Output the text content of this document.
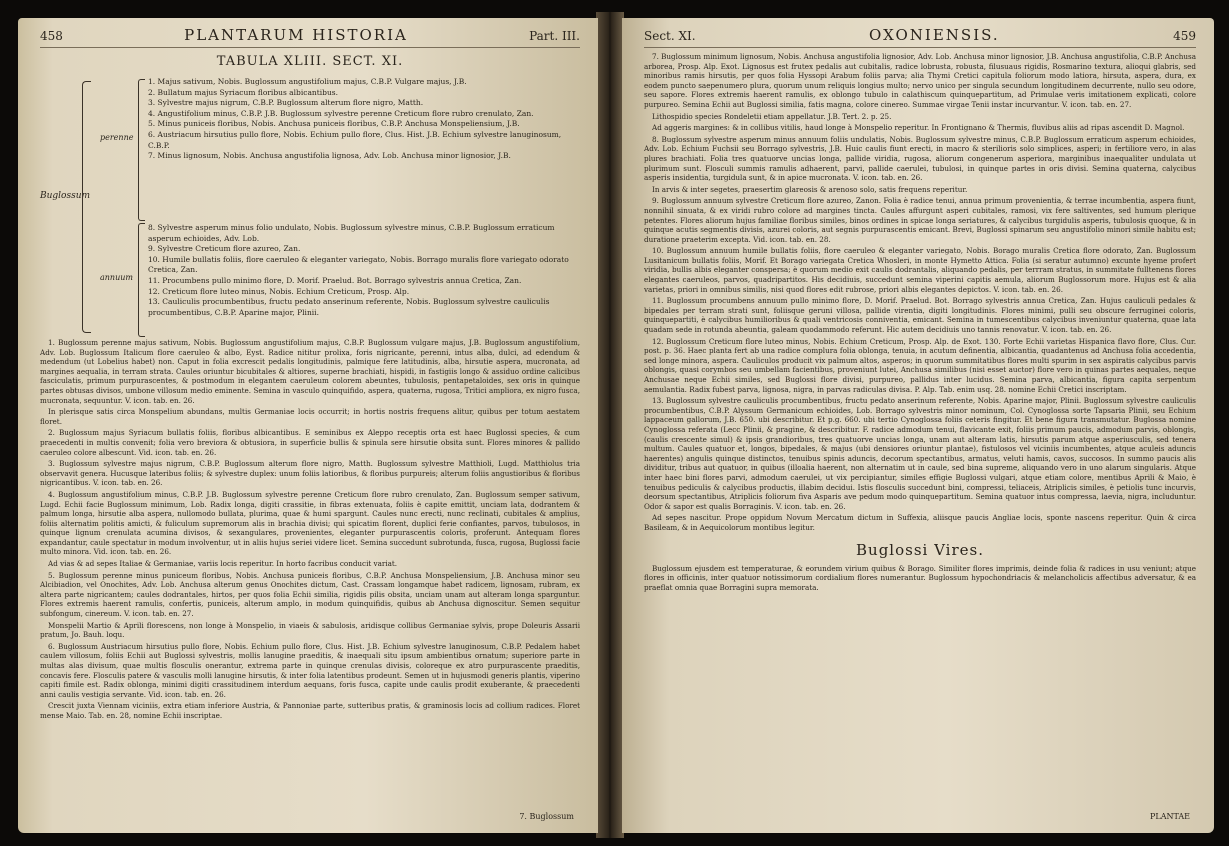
458	PLANTARUM HISTORIA	Part. III.
TABULA XLIII. SECT. XI.
Buglossum
perenne
1. Majus sativum, Nobis. Buglossum angustifolium majus, C.B.P. Vulgare majus, J.B.
2. Bullatum majus Syriacum floribus albicantibus.
3. Sylvestre majus nigrum, C.B.P. Buglossum alterum flore nigro, Matth.
4. Angustifolium minus, C.B.P. J.B. Buglossum sylvestre perenne Creticum flore rubro crenulato, Zan.
5. Minus puniceis floribus, Nobis. Anchusa puniceis floribus, C.B.P. Anchusa Monspeliensium, J.B.
6. Austriacum hirsutius pullo flore, Nobis. Echium pullo flore, Clus. Hist. J.B. Echium sylvestre lanuginosum, C.B.P.
7. Minus lignosum, Nobis. Anchusa angustifolia lignosa, Adv. Lob. Anchusa minor lignosior, J.B.
annuum
8. Sylvestre asperum minus folio undulato, Nobis. Buglossum sylvestre minus, C.B.P. Buglossum erraticum asperum echioides, Adv. Lob.
9. Sylvestre Creticum flore azureo, Zan.
10. Humile bullatis foliis, flore caeruleo & eleganter variegato, Nobis. Borrago muralis flore variegato odorato Cretica, Zan.
11. Procumbens pullo minimo flore, D. Morif. Praelud. Bot. Borrago sylvestris annua Cretica, Zan.
12. Creticum flore luteo minus, Nobis. Echium Creticum, Prosp. Alp.
13. Cauliculis procumbentibus, fructu pedato anserinum referente, Nobis. Buglossum sylvestre cauliculis procumbentibus, C.B.P. Aparine major, Plinii.

1. Buglossum perenne majus sativum, Nobis. Buglossum angustifolium majus, C.B.P. Buglossum vulgare majus, J.B. Buglossum angustifolium, Adv. Lob. Buglossum Italicum flore caeruleo & albo, Eyst. Radice nititur prolixa, foris nigricante, perenni, intus alba, dulci, ad edendum & medendum (ut Lobelius habet) non. Caput in folia excrescit pedalis longitudinis, palmique fere latitudinis, alba, hirsutie aspera, mucronata, ad margines aequalia, in terram strata. Caules oriuntur bicubitales & altiores, superne brachiati, hispidi, in fastigiis longo & assiduo ordine calicibus fasciculatis, primum purpurascentes, & postmodum in elegantem caeruleum colorem abeuntes, tubulosis, pentapetaloides, sex oris in quinque partes obtusas divisos, umbone villosum medio eminente. Semina in vasculo quinquifido, aspera, quaterna, rugosa, Tritici ampliora, ex nigro fusca, mucronata, sequuntur. V. icon. tab. en. 26.

In plerisque satis circa Monspelium abundans, multis Germaniae locis occurrit; in hortis nostris frequens alitur, quibus per totum aestatem floret.

2. Buglossum majus Syriacum bullatis foliis, floribus albicantibus. E seminibus ex Aleppo receptis orta est haec Buglossi species, & cum praecedenti in multis convenit; folia vero breviora & obtusiora, in superficie bullis & spinula sere hirsutie obsita sunt. Flores minores & pallido caeruleo colore albescunt. Vid. icon. tab. en. 26.

3. Buglossum sylvestre majus nigrum, C.B.P. Buglossum alterum flore nigro, Matth. Buglossum sylvestre Matthioli, Lugd. Matthiolus tria observavit genera. Hucusque lateribus foliis; & sylvestre duplex: unum foliis latioribus, & floribus purpureis; alterum foliis angustioribus & floribus nigricantibus. V. icon. tab. en. 26.

4. Buglossum angustifolium minus, C.B.P. J.B. Buglossum sylvestre perenne Creticum flore rubro crenulato, Zan. Buglossum semper sativum, Lugd. Echii facie Buglossum minimum, Lob. Radix longa, digiti crassitie, in fibras extenuata, foliis è capite emittit, unciam lata, dodrantem & palmum longa, hirsutie alba aspera, nullomodo bullata, plurima, quae & humi spargunt. Caules nunc erecti, nunc reclinati, cubitales & amplius, foliis alternatim politis amicti, & fuliculum supremorum alis in brachia divisi; qui spicatim florent, duplici ferie confiantes, parvos, tubulosos, in quinque lignum crenulata acumina divisos, & sexangulares, provenientes, eleganter purpurascentis coloris, proferunt. Antequam flores expandantur, caule spectatur in modum involventur, ut in aliis hujus seriei videre licet. Semina succedunt subrotunda, fusca, rugosa, Buglossi facie multo minora. Vid. icon. tab. en. 26.

Ad vias & ad sepes Italiae & Germaniae, variis locis reperitur. In horto facribus conducit variat.

5. Buglossum perenne minus puniceum floribus, Nobis. Anchusa puniceis floribus, C.B.P. Anchusa Monspeliensium, J.B. Anchusa minor seu Alcibiadion, vel Onochites, Adv. Lob. Anchusa alterum genus Onochites dictum, Cast. Crassam longamque habet radicem, lignosam, rubram, ex altera parte nigricantem; caules dodrantales, hirtos, per quos folia Echii similia, rigidis pilis obsita, unciam unam aut alteram longa sparguntur. Flores extremis haerent ramulis, confertis, puniceis, alterum amplo, in modum quinquifidis, quibus ab Anchusa dignoscitur. Semen sequitur subfongum, cinereum. V. icon. tab. en. 27.

Monspelii Martio & Aprili florescens, non longe à Monspelio, in viaeis & sabulosis, aridisque collibus Germaniae sylvis, prope Doleuris Assarii pratum, Jo. Bauh. loqu.

6. Buglossum Austriacum hirsutius pullo flore, Nobis. Echium pullo flore, Clus. Hist. J.B. Echium sylvestre lanuginosum, C.B.P. Pedalem habet caulem villosum, foliis Echii aut Buglossi sylvestris, mollis lanugine praeditis, & inaequali situ ipsum ambientibus ornatum; superiore parte in multas alas divisum, quae multis flosculis onerantur, extrema parte in quinque crenulas divisis, coloreque ex atro purpurascente praeditis, concavis fere. Flosculis patere & vasculis molli lanugine hirsutis, & inter folia latentibus prodeunt. Semen ut in hujusmodi generis plantis, viperino capiti fimile est. Radix oblonga, minimi digiti crassitudinem interdum aequans, foris fusca, capite unde caulis prodit exuberante, & praecedenti anni caulis vestigia servante. Vid. icon. tab. en. 26.

Crescit juxta Viennam viciniis, extra etiam inferiore Austria, & Pannoniae parte, sutteribus pratis, & graminosis locis ad collium radices. Floret mense Maio. Tab. en. 28, nomine Echii inscriptae.

7. Buglossum
Sect. XI.	OXONIENSIS.	459

7. Buglossum minimum lignosum, Nobis. Anchusa angustifolia lignosior, Adv. Lob. Anchusa minor lignosior, J.B. Anchusa angustifolia, C.B.P. Anchusa arborea, Prosp. Alp. Exot. Lignosus est frutex pedalis aut cubitalis, radice lobrusta, robusta, filusuaus rigidis, Rosmarino textura, alioqui glabris, sed minoribus ramis hirsutis, per quos folia Hyssopi Arabum foliis parva; alia Thymi Cretici capitula foliorum modo latiora, hirsuta, aspera, dura, ex eodem puncto saepenumero plura, quorum unum reliquis longius multo; nervo unico per singula secundum longitudinem decurrente, nullo seu odore, seu sapore. Flores extremis haerent ramulis, ex oblongo tubulo in calathiscum quinquepartitum, ad Primulae veris imitationem explicati, colore purpureo. Semina Echii aut Buglossi similia, fatis magna, colore cinereo. Summae virgae Tenii instar incurvantur. V. icon. tab. en. 27.

Lithospidio species Rondeletii etiam appellatur. J.B. Tert. 2. p. 25.

Ad aggeris margines: & in collibus vitilis, haud longe à Monspelio reperitur. In Frontignano & Thermis, fluvibus aliis ad ripas ascendit D. Magnol.

8. Buglossum sylvestre asperum minus annuum foliis undulatis, Nobis. Buglossum sylvestre minus, C.B.P. Buglossum erraticum asperum echioides, Adv. Lob. Echium Fuchsii seu Borrago sylvestris, J.B. Huic caulis fiunt erecti, in macro & sterilioris solo simplices, asperi; in fertiliore vero, in alas plures brachiati. Folia tres quatuorve uncias longa, pallide viridia, rugosa, aliorum congenerum asperiora, marginibus inaequaliter undulata ut plurimum sunt. Flosculi summis ramulis adhaerent, parvi, pallide caerulei, tubulosi, in quinque partes in oris divisi. Semina quaterna, calycibus asperis insidentia, turgidula sunt, & in apice mucronata. V. icon. tab. en. 26.

In arvis & inter segetes, praesertim glareosis & arenoso solo, satis frequens reperitur.

9. Buglossum annuum sylvestre Creticum flore azureo, Zanon. Folia è radice tenui, annua primum provenientia, & terrae incumbentia, aspera fiunt, nonnihil sinuata, & ex viridi rubro colore ad margines tincta. Caules affurgunt asperi cubitales, ramosi, vix fere saltiventes, sed humum plerique petentes. Flores aliorum hujus familiae floribus similes, binos ordines in spicae longa seriatures, & calycibus turgidulis asperis, tubulosis quoque, & in quinque acutis segmentis divisis, azurei coloris, aut segnis purpurascentis emicant. Brevi, Buglossi spinarum seu angustifolio minori simile habitu est; duratione praeterim excepta. Vid. icon. tab. en. 28.

10. Buglossum annuum humile bullatis foliis, flore caeruleo & eleganter variegato, Nobis. Borago muralis Cretica flore odorato, Zan. Buglossum Lusitanicum bullatis foliis, Morif. Et Borago variegata Cretica Whosleri, in monte Hymetto Attica. Folia (si seratur autumno) excunte hyeme profert viridia, bullis albis eleganter conspersa; è quorum medio exit caulis dodrantalis, aliquando pedalis, per terrram stratus, in summitate fulltenens flores elegantes caeruleos, parvos, quadripartitos. His decidiuis, succedunt semina viperini capitis aemula, aliorum Buglossorum more. Hujus est & alia varietas, priori in omnibus similis, nisi quod flores edit rubrose, priori albis elegantes depictos. V. icon. tab. en. 26.

11. Buglossum procumbens annuum pullo minimo flore, D. Morif. Praelud. Bot. Borrago sylvestris annua Cretica, Zan. Hujus cauliculi pedales & bipedales per terram strati sunt, foliisque geruni villosa, pallide virentia, digiti longitudinis. Flores minimi, pulli seu obscure ferruginei coloris, quinquepartiti, è calycibus humilioribus & quali ventricosis conniventia, emicant. Semina in tumescentibus calycibus inveniuntur quaterna, quae lata quadam sede in rotunda abeuntia, galeam quodammodo referunt. Hic autem decidiuis uno tannis renovatur. V. icon. tab. en. 26.

12. Buglossum Creticum flore luteo minus, Nobis. Echium Creticum, Prosp. Alp. de Exot. 130. Forte Echii varietas Hispanica flavo flore, Clus. Cur. post. p. 36. Haec planta fert ab una radice complura folia oblonga, tenuia, in acutum definentia, albicantia, quadantenus ad Anchusa folia accedentia, sed longe minora, aspera. Cauliculos producit vix palmum altos, asperos; in quorum summitatibus flores multi spurim in sex aspiratis calycibus parvis oblongis, quasi corymbos seu umbellam facientibus, proveniunt lutei, Anchusa similibus (nisi esset auctor) flore vero in quinas partes aequales, neque Anchusae neque Echii similes, sed Buglossi flore divisi, purpureo, pallidus inter lucidus. Semina parva, albicantia, figura capita serpentum aemulantia. Radix fubest parva, lignosa, nigra, in parvas radiculas divisa. P. Alp. Tab. enim usq. 28. nomine Echii Cretici inscriptam.

13. Buglossum sylvestre cauliculis procumbentibus, fructu pedato anserinum referente, Nobis. Aparine major, Plinii. Buglossum sylvestre cauliculis procumbentibus, C.B.P. Alyssum Germanicum echioides, Lob. Borrago sylvestris minor nominum, Col. Cynoglossa sorte Tapsaria Plinii, seu Echium lappaceum gallorum, J.B. 650. ubi describitur. Et p.g. 660. ubi tertio Cynoglossa foliis ceteris fingitur. Et bene figura transmutatur. Buglossa nomine Cynoglossa referata (Lecc Plinii, & pragine, & describitur. F. radice admodum tenui, flavicante exit, foliis primum paucis, admodum parvis, oblongis, (caulis crescente simul) & ipsis grandioribus, tres quatuorve uncias longa, unam aut alteram latis, hirsutis parum atque asperiusculis, sed tenera multum. Caules quatuor et, longos, bipedales, & majus (ubi densiores oriuntur plantae), fistulosos vel viciniis incumbentes, atque aculeis aduncis haerentes) angulis quinque distinctos, tenuibus spinis aduncis, decorum spectantibus, armatus, veluti hamis, cavos, succosos. In summo paucis alis dividitur, tribus aut quatuor, in quibus (illoalia haerent, non alternatim ut in caule, sed bina supreme, aliquando vero in uno alarum singularis. Atque inter haec bini flores parvi, admodum caerulei, ut vix percipiantur, similes effigie Buglossi vulgari, atque etiam colore, mentibus Aprili & Maio, è tenuibus pediculis & calycibus productis, illabim decidui. Istis flosculis succedunt bini, compressi, teliaceis, Atriplicis similes, è petiolis tunc incurvis, deorsum spectantibus, Atriplicis foliorum fiva Asparis ave pedum modo quinquepartitum. Semina quatuor intus compressa, laevia, nigra, includuntur. Odor & sapor est qualis Borraginis. V. icon. tab. en. 26.

Ad sepes nascitur. Prope oppidum Novum Mercatum dictum in Suffexia, aliisque paucis Angliae locis, sponte nascens reperitur. Quin & circa Basileam, & in Aequicolorum montibus legitur.

Buglossi Vires.

Buglossum ejusdem est temperaturae, & eorundem virium quibus & Borago. Similiter flores imprimis, deinde folia & radices in usu veniunt; atque flores in officinis, inter quatuor notissimorum cordialium flores numerantur. Buglossum hypochondriacis & melancholicis affectibus adversatur, & ea praeflat omnia quae Borragini supra memorata.

PLANTAE
